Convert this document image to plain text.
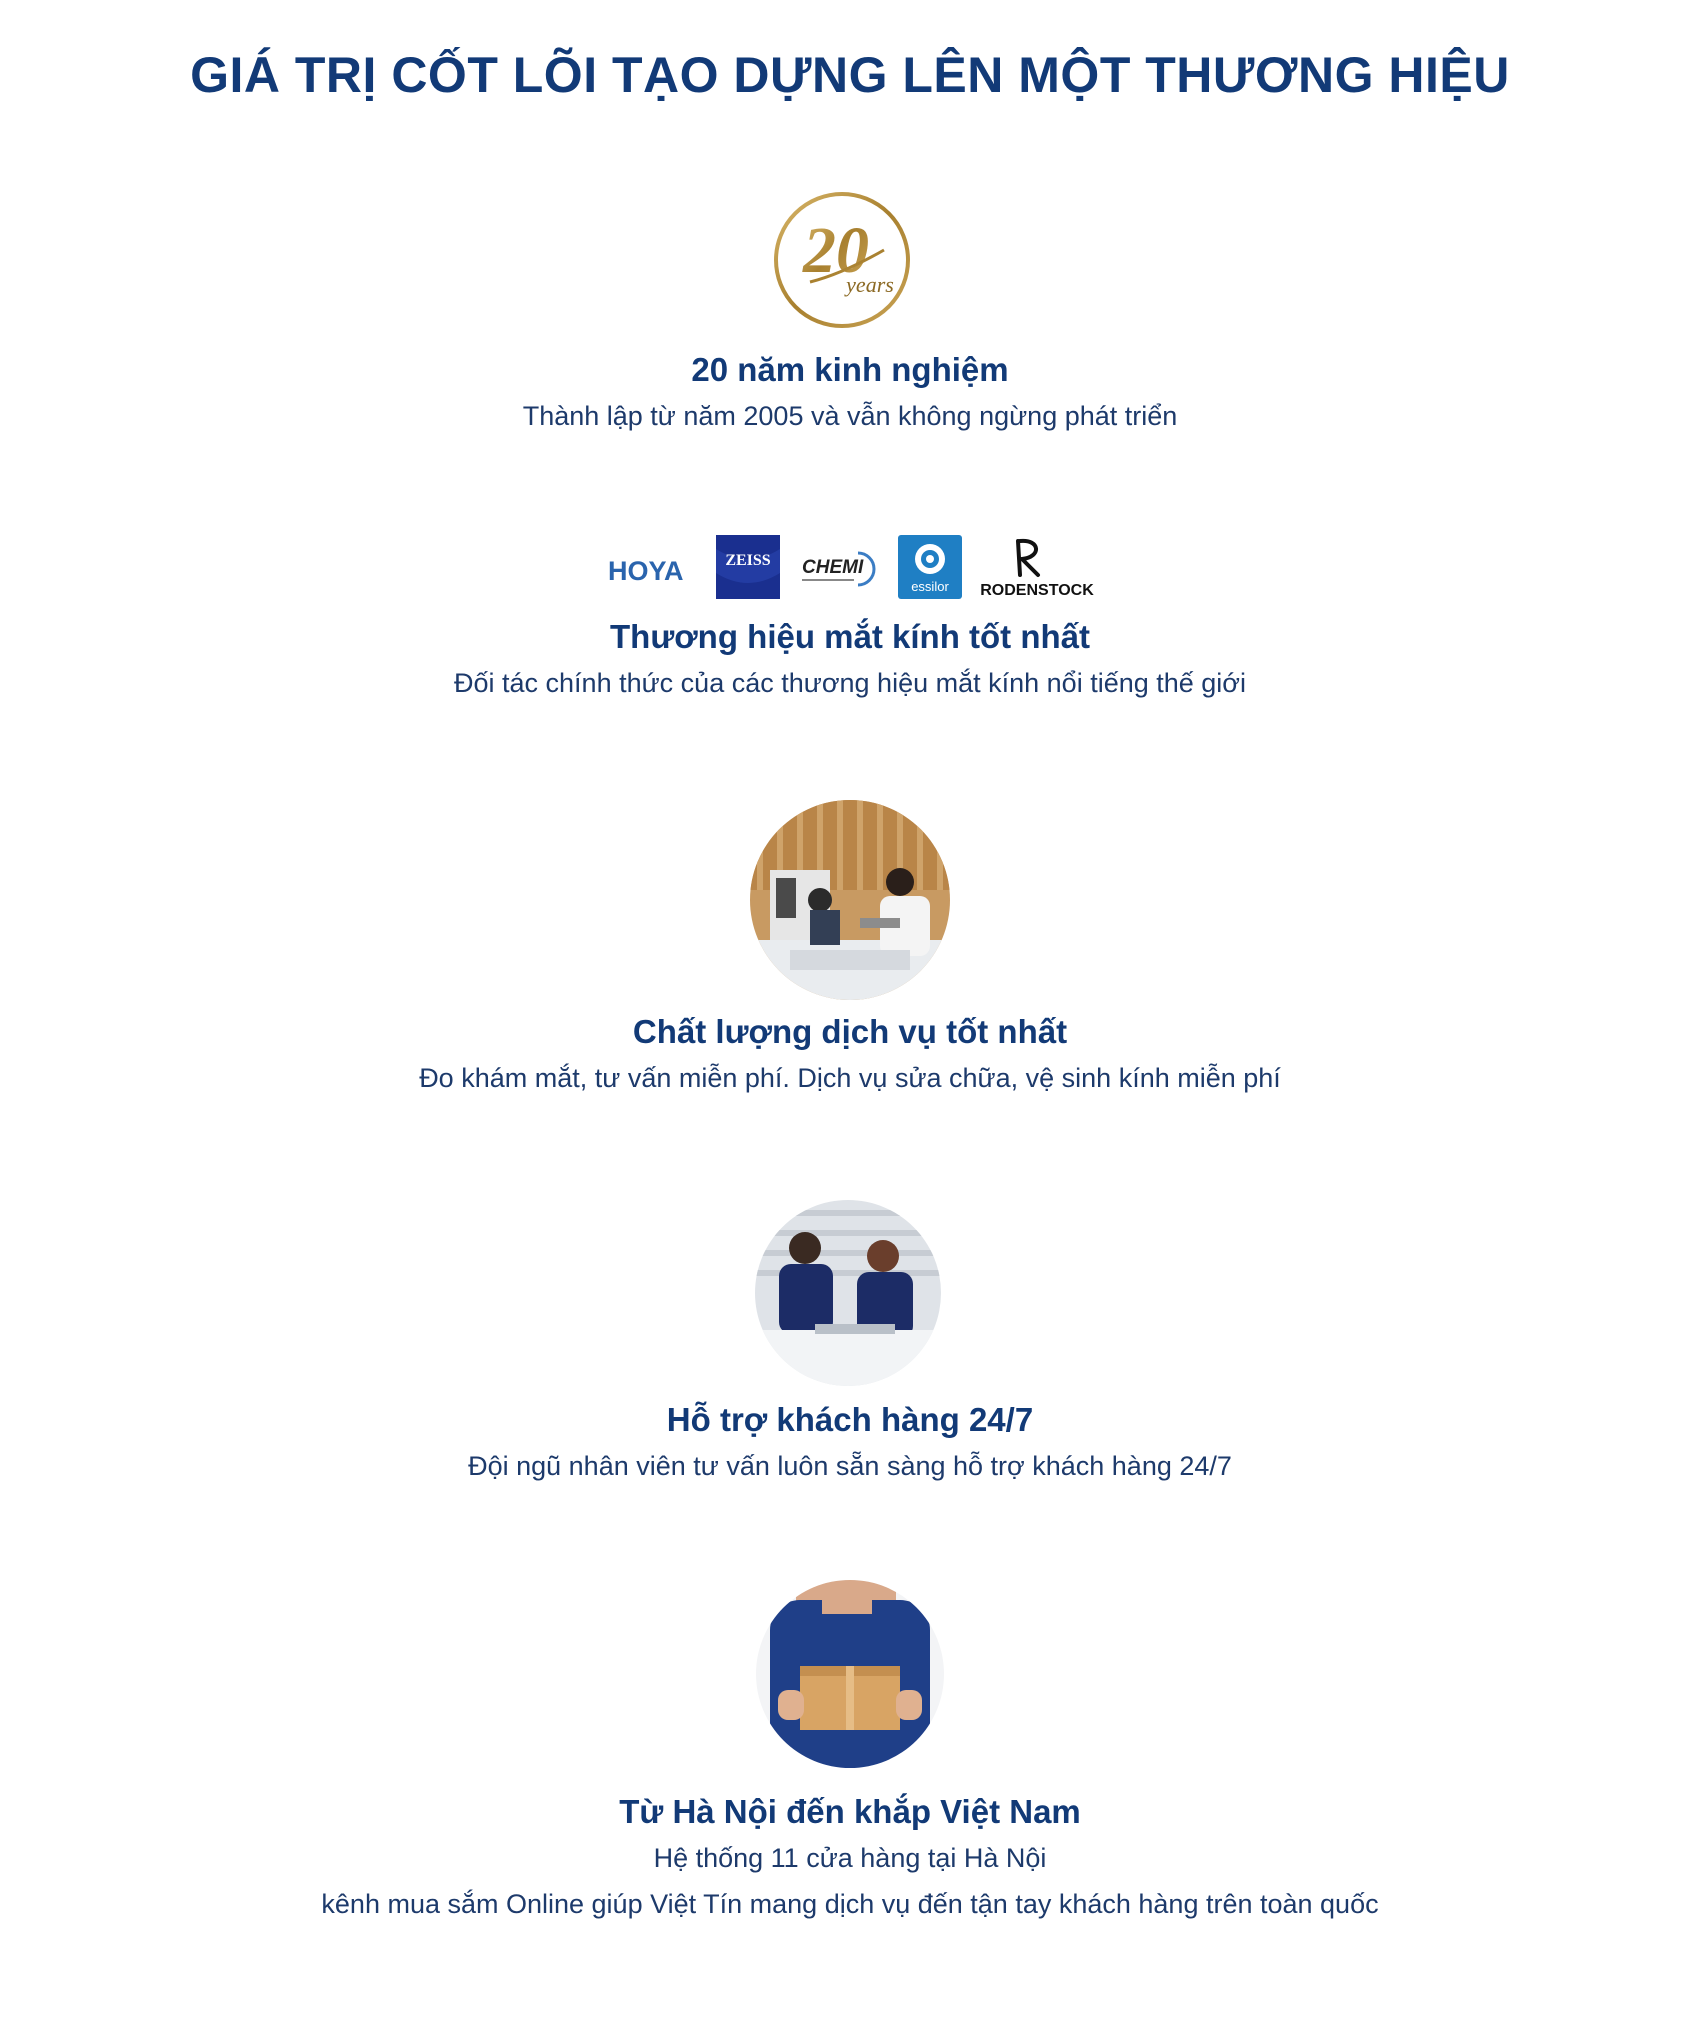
GIÁ TRỊ CỐT LÕI TẠO DỰNG LÊN MỘT THƯƠNG HIỆU
20
years

20 năm kinh nghiệm

Thành lập từ năm 2005 và vẫn không ngừng phát triển

HOYA	ZEISS CHEMI
essilor RODENSTOCK

Thương hiệu mắt kính tốt nhất

Đối tác chính thức của các thương hiệu mắt kính nổi tiếng thế giới

Chất lượng dịch vụ tốt nhất

Đo khám mắt, tư vấn miễn phí. Dịch vụ sửa chữa, vệ sinh kính miễn phí

Hỗ trợ khách hàng 24/7

Đội ngũ nhân viên tư vấn luôn sẵn sàng hỗ trợ khách hàng 24/7

Từ Hà Nội đến khắp Việt Nam

Hệ thống 11 cửa hàng tại Hà Nội

kênh mua sắm Online giúp Việt Tín mang dịch vụ đến tận tay khách hàng trên toàn quốc
